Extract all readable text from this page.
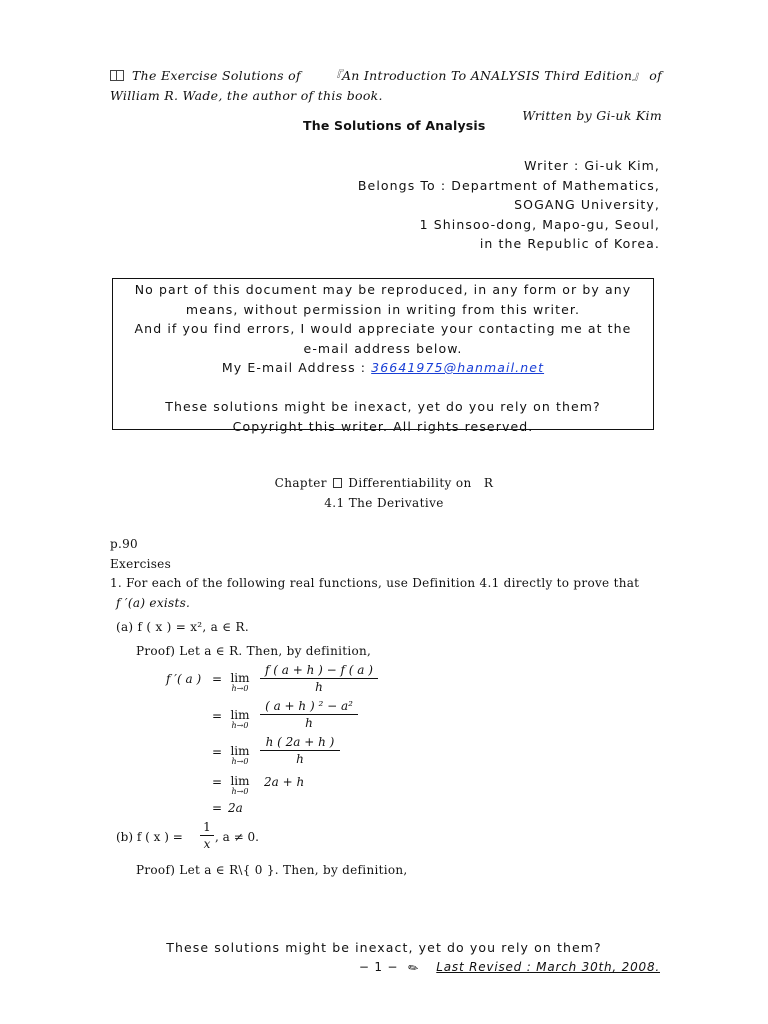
The Exercise Solutions of 『An Introduction To ANALYSIS Third Edition』 of
William R. Wade, the author of this book.
Written by Gi-uk Kim
The Solutions of Analysis
Writer : Gi-uk Kim,
Belongs To : Department of Mathematics,
SOGANG University,
1 Shinsoo-dong, Mapo-gu, Seoul,
in the Republic of Korea.
No part of this document may be reproduced, in any form or by any
means, without permission in writing from this writer.
And if you find errors, I would appreciate your contacting me at the
e-mail address below.
My E-mail Address : 36641975@hanmail.net
These solutions might be inexact, yet do you rely on them?
Copyright this writer. All rights reserved.
Chapter Differentiability on R
4.1 The Derivative
p.90
Exercises
1. For each of the following real functions, use Definition 4.1 directly to prove that
f ′(a) exists.
(a) f ( x ) = x², a ∈ R.
Proof) Let a ∈ R. Then, by definition,
f ′( a ) = lim
h→0
f ( a + h ) − f ( a )
h
= lim
h→0
( a + h ) ² − a²
h
= lim
h→0
h ( 2a + h )
h
= lim
h→0
2a + h
= 2a
(b) f ( x ) =
1
x , a ≠ 0.
Proof) Let a ∈ R\{ 0 }. Then, by definition,
These solutions might be inexact, yet do you rely on them?
− 1 − ✎ Last Revised : March 30th, 2008.
